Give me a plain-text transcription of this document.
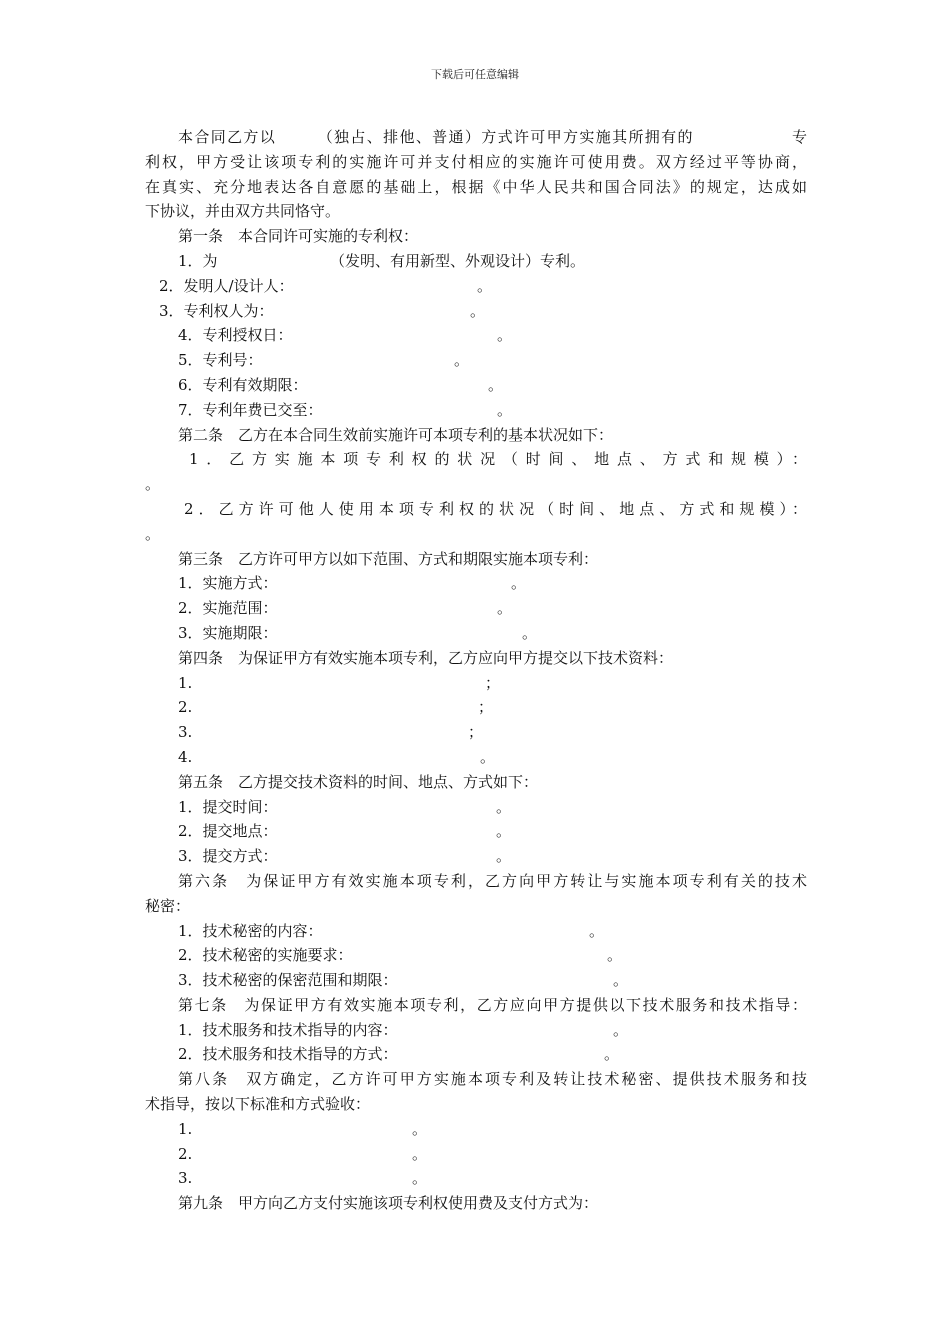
下载后可任意编辑
本合同乙方以　　　（独占、排他、普通）方式许可甲方实施其所拥有的　　　　　　专
利权，甲方受让该项专利的实施许可并支付相应的实施许可使用费。双方经过平等协商，
在真实、充分地表达各自意愿的基础上，根据《中华人民共和国合同法》的规定，达成如
下协议，并由双方共同恪守。
第一条　本合同许可实施的专利权：
1．为　　　　　　　　（发明、有用新型、外观设计）专利。
2．发明人/设计人：	。
3．专利权人为：	。
4．专利授权日：	。
5．专利号：	。
6．专利有效期限：	。
7．专利年费已交至：	。
第二条　乙方在本合同生效前实施许可本项专利的基本状况如下：
1．乙方实施本项专利权的状况（时间、地点、方式和规模）：
。
2．乙方许可他人使用本项专利权的状况（时间、地点、方式和规模）：
。
第三条　乙方许可甲方以如下范围、方式和期限实施本项专利：
1．实施方式：	。
2．实施范围：	。
3．实施期限：	。
第四条　为保证甲方有效实施本项专利，乙方应向甲方提交以下技术资料：
1.	；
2.	；
3.	；
4.	。
第五条　乙方提交技术资料的时间、地点、方式如下：
1．提交时间：	。
2．提交地点：	。
3．提交方式：	。
第六条　为保证甲方有效实施本项专利，乙方向甲方转让与实施本项专利有关的技术
秘密：
1．技术秘密的内容：	。
2．技术秘密的实施要求：	。
3．技术秘密的保密范围和期限：	。
第七条　为保证甲方有效实施本项专利，乙方应向甲方提供以下技术服务和技术指导：
1．技术服务和技术指导的内容：	。
2．技术服务和技术指导的方式：	。
第八条　双方确定，乙方许可甲方实施本项专利及转让技术秘密、提供技术服务和技
术指导，按以下标准和方式验收：
1.	。
2.	。
3.	。
第九条　甲方向乙方支付实施该项专利权使用费及支付方式为：
